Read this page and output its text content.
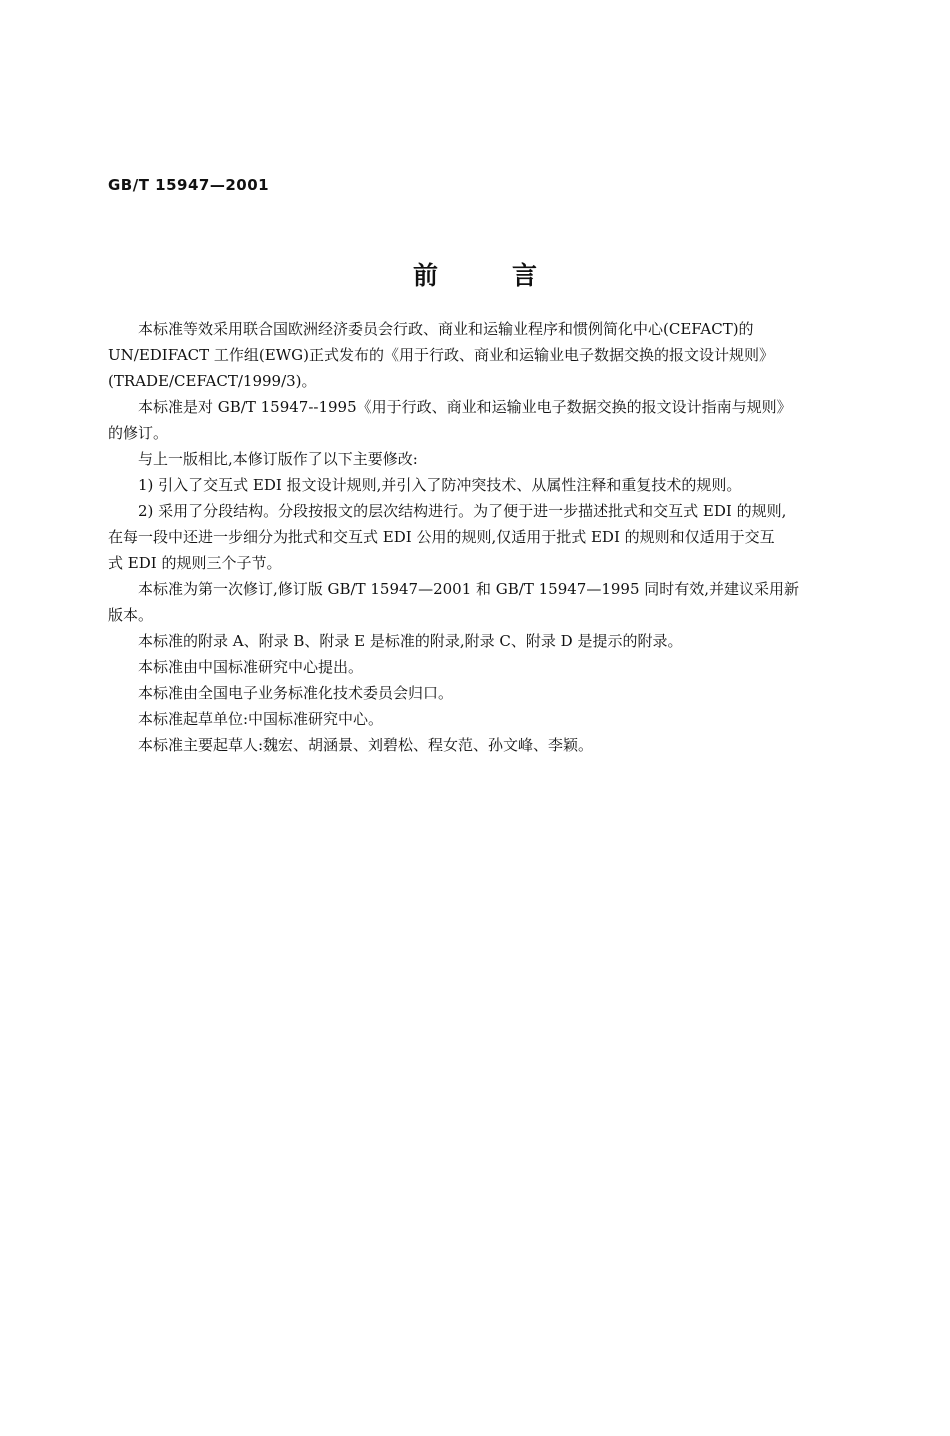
GB/T 15947—2001
前言

本标准等效采用联合国欧洲经济委员会行政、商业和运输业程序和惯例简化中心(CEFACT)的
UN/EDIFACT 工作组(EWG)正式发布的《用于行政、商业和运输业电子数据交换的报文设计规则》
(TRADE/CEFACT/1999/3)。

本标准是对 GB/T 15947--1995《用于行政、商业和运输业电子数据交换的报文设计指南与规则》
的修订。

与上一版相比,本修订版作了以下主要修改:

1) 引入了交互式 EDI 报文设计规则,并引入了防冲突技术、从属性注释和重复技术的规则。

2) 采用了分段结构。分段按报文的层次结构进行。为了便于进一步描述批式和交互式 EDI 的规则,
在每一段中还进一步细分为批式和交互式 EDI 公用的规则,仅适用于批式 EDI 的规则和仅适用于交互
式 EDI 的规则三个子节。

本标准为第一次修订,修订版 GB/T 15947—2001 和 GB/T 15947—1995 同时有效,并建议采用新
版本。

本标准的附录 A、附录 B、附录 E 是标准的附录,附录 C、附录 D 是提示的附录。

本标准由中国标准研究中心提出。

本标准由全国电子业务标准化技术委员会归口。

本标准起草单位:中国标准研究中心。

本标准主要起草人:魏宏、胡涵景、刘碧松、程女范、孙文峰、李颖。
